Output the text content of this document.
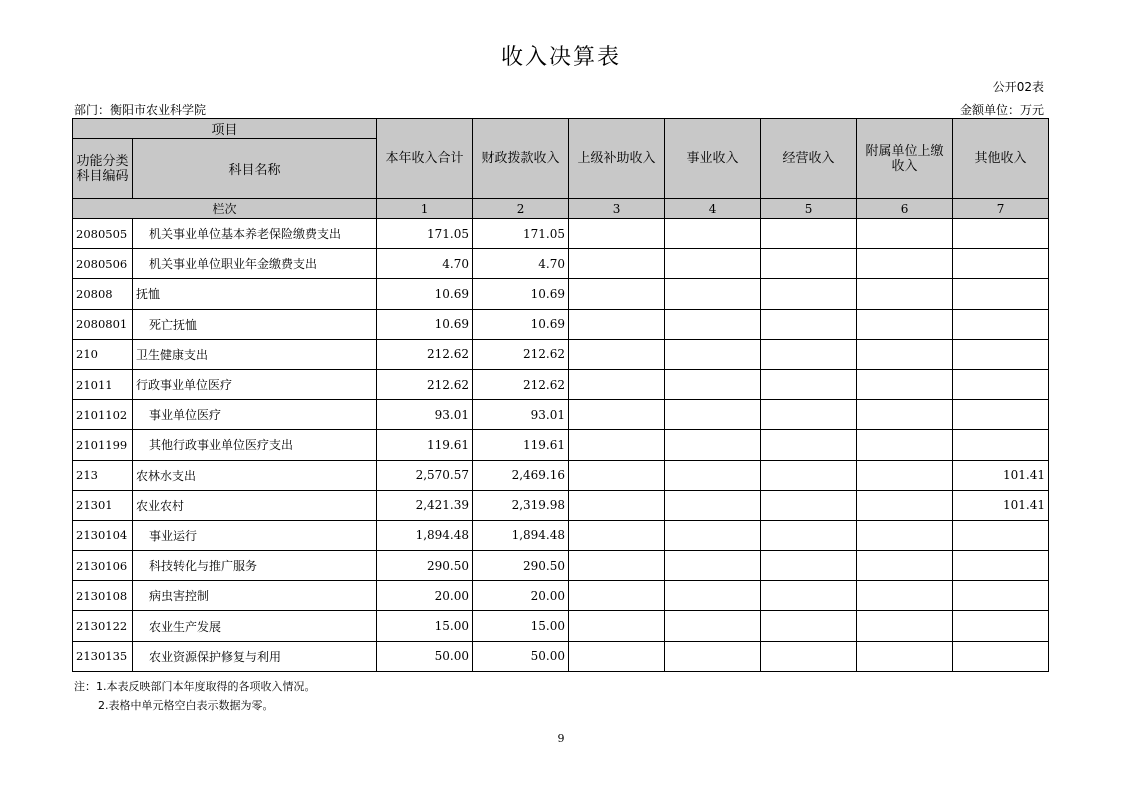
收入决算表
公开02表
部门：衡阳市农业科学院	金额单位：万元
项目		本年收入合计	财政拨款收入	上级补助收入	事业收入	经营收入	附属单位上缴收入	其他收入
功能分类科目编码	科目名称							
栏次		1	2	3	4	5	6	7
2080505	机关事业单位基本养老保险缴费支出	171.05	171.05					
2080506	机关事业单位职业年金缴费支出	4.70	4.70					
20808	抚恤	10.69	10.69					
2080801	死亡抚恤	10.69	10.69					
210	卫生健康支出	212.62	212.62					
21011	行政事业单位医疗	212.62	212.62					
2101102	事业单位医疗	93.01	93.01					
2101199	其他行政事业单位医疗支出	119.61	119.61					
213	农林水支出	2,570.57	2,469.16					101.41
21301	农业农村	2,421.39	2,319.98					101.41
2130104	事业运行	1,894.48	1,894.48					
2130106	科技转化与推广服务	290.50	290.50					
2130108	病虫害控制	20.00	20.00					
2130122	农业生产发展	15.00	15.00					
2130135	农业资源保护修复与利用	50.00	50.00					
注：1.本表反映部门本年度取得的各项收入情况。
2.表格中单元格空白表示数据为零。
9
